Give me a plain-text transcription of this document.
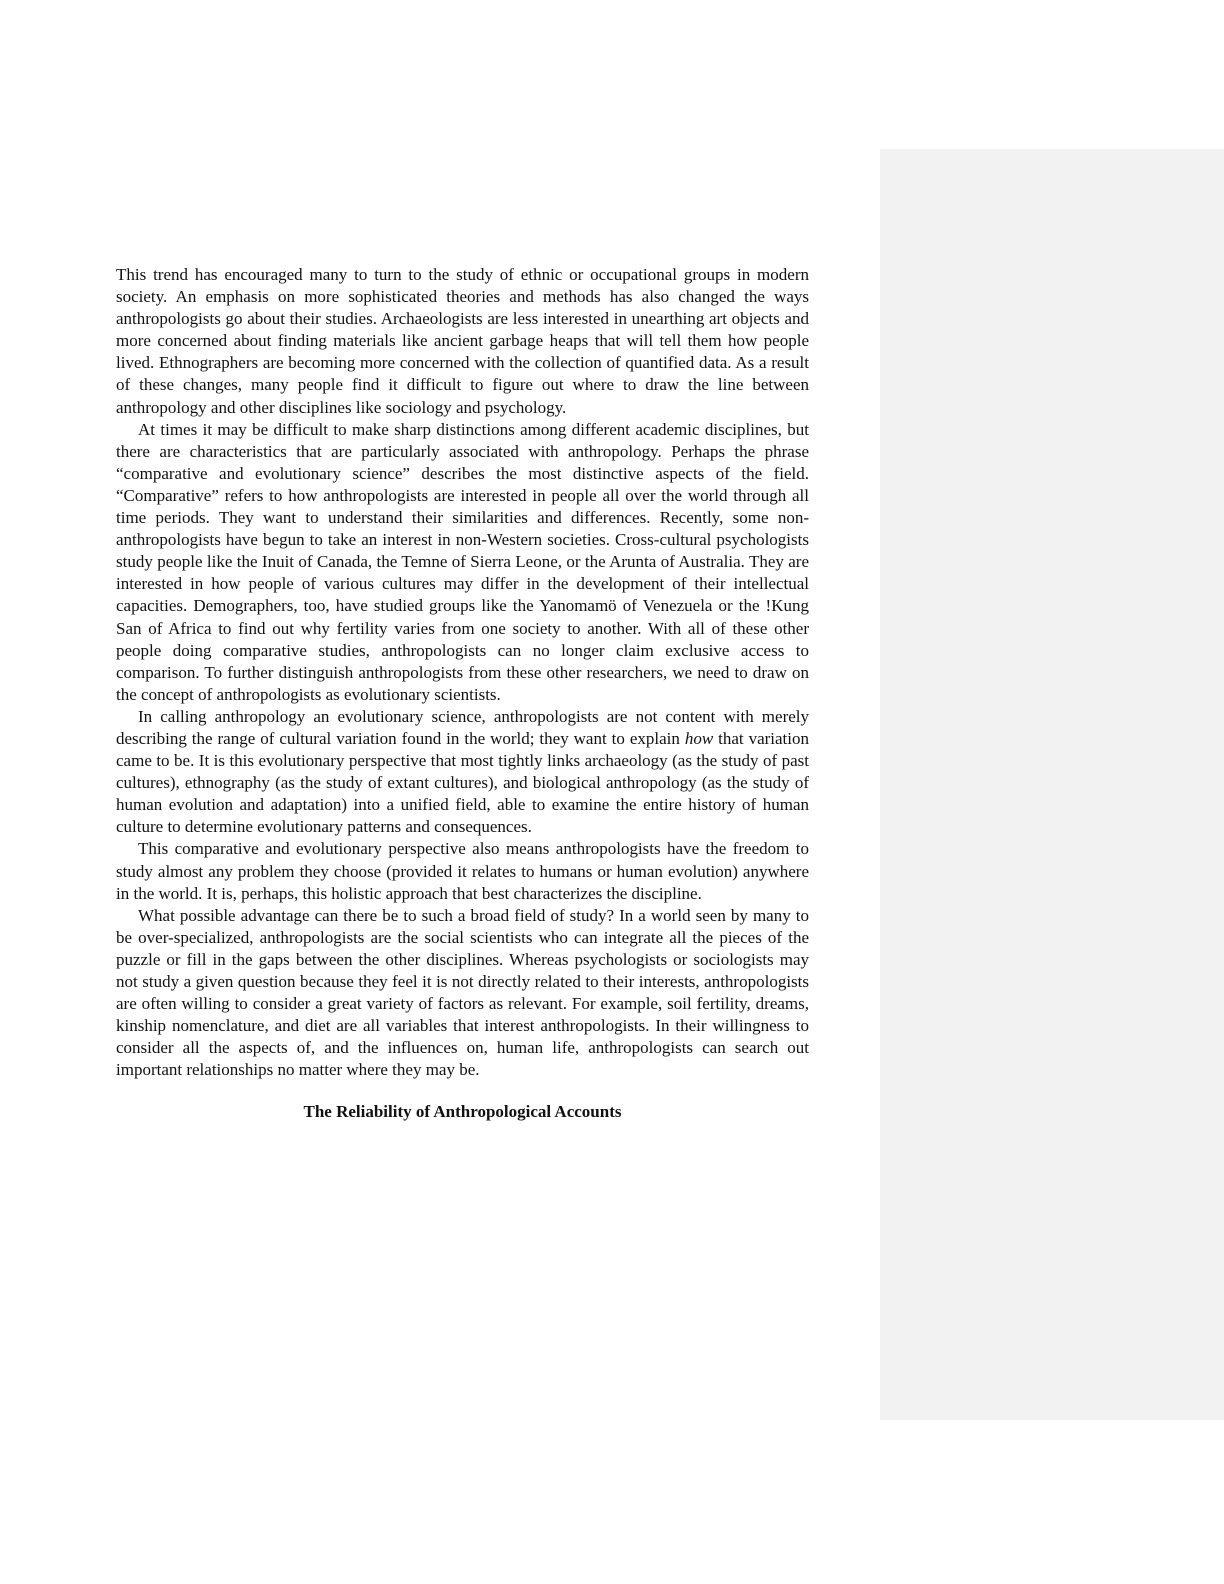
This trend has encouraged many to turn to the study of ethnic or occupational groups in modern society. An emphasis on more sophisticated theories and methods has also changed the ways anthropologists go about their studies. Archaeologists are less interested in unearthing art objects and more concerned about finding materials like ancient garbage heaps that will tell them how people lived. Ethnographers are becoming more concerned with the collection of quantified data. As a result of these changes, many people find it difficult to figure out where to draw the line between anthropology and other disciplines like sociology and psychology.

At times it may be difficult to make sharp distinctions among different academic disciplines, but there are characteristics that are particularly associated with anthropology. Perhaps the phrase “comparative and evolutionary science” describes the most distinctive aspects of the field. “Comparative” refers to how anthropologists are interested in people all over the world through all time periods. They want to understand their similarities and differences. Recently, some non-anthropologists have begun to take an interest in non-Western societies. Cross-cultural psychologists study people like the Inuit of Canada, the Temne of Sierra Leone, or the Arunta of Australia. They are interested in how people of various cultures may differ in the development of their intellectual capacities. Demographers, too, have studied groups like the Yanomamö of Venezuela or the !Kung San of Africa to find out why fertility varies from one society to another. With all of these other people doing comparative studies, anthropologists can no longer claim exclusive access to comparison. To further distinguish anthropologists from these other researchers, we need to draw on the concept of anthropologists as evolutionary scientists.

In calling anthropology an evolutionary science, anthropologists are not content with merely describing the range of cultural variation found in the world; they want to explain how that variation came to be. It is this evolutionary perspective that most tightly links archaeology (as the study of past cultures), ethnography (as the study of extant cultures), and biological anthropology (as the study of human evolution and adaptation) into a unified field, able to examine the entire history of human culture to determine evolutionary patterns and consequences.

This comparative and evolutionary perspective also means anthropologists have the freedom to study almost any problem they choose (provided it relates to humans or human evolution) anywhere in the world. It is, perhaps, this holistic approach that best characterizes the discipline.

What possible advantage can there be to such a broad field of study? In a world seen by many to be over-specialized, anthropologists are the social scientists who can integrate all the pieces of the puzzle or fill in the gaps between the other disciplines. Whereas psychologists or sociologists may not study a given question because they feel it is not directly related to their interests, anthropologists are often willing to consider a great variety of factors as relevant. For example, soil fertility, dreams, kinship nomenclature, and diet are all variables that interest anthropologists. In their willingness to consider all the aspects of, and the influences on, human life, anthropologists can search out important relationships no matter where they may be.

The Reliability of Anthropological Accounts
